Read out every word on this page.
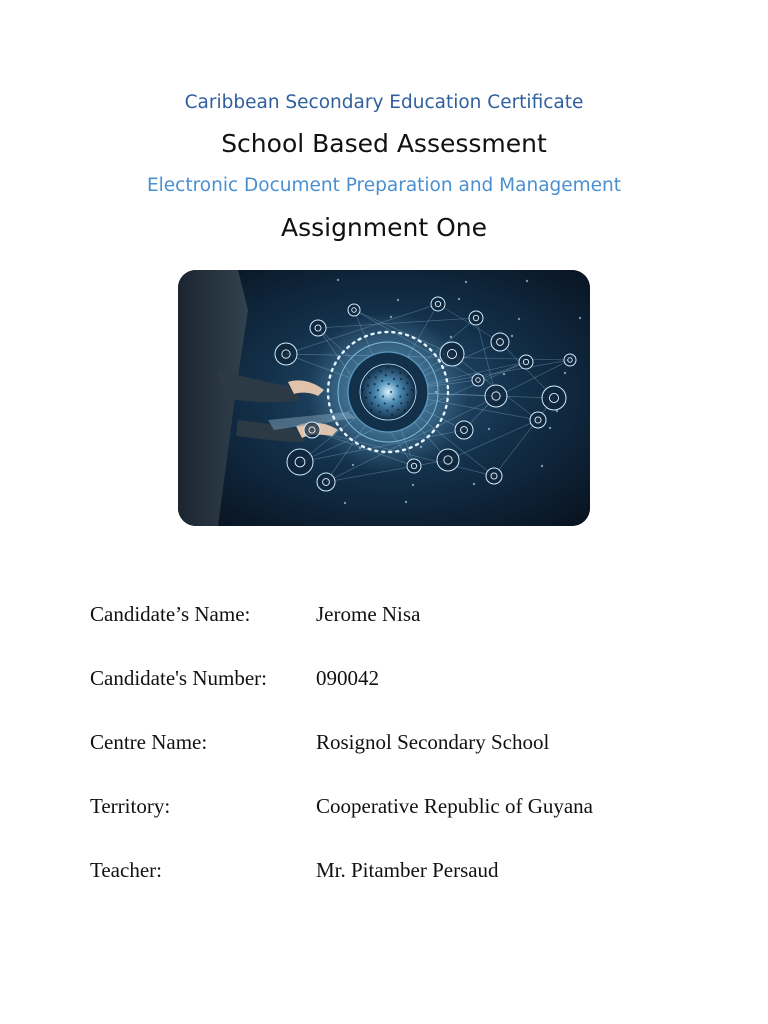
Caribbean Secondary Education Certificate
School Based Assessment
Electronic Document Preparation and Management
Assignment One
Candidate’s Name:	Jerome Nisa
Candidate's Number: 090042
Centre Name:	Rosignol Secondary School
Territory:	Cooperative Republic of Guyana
Teacher:	Mr. Pitamber Persaud
